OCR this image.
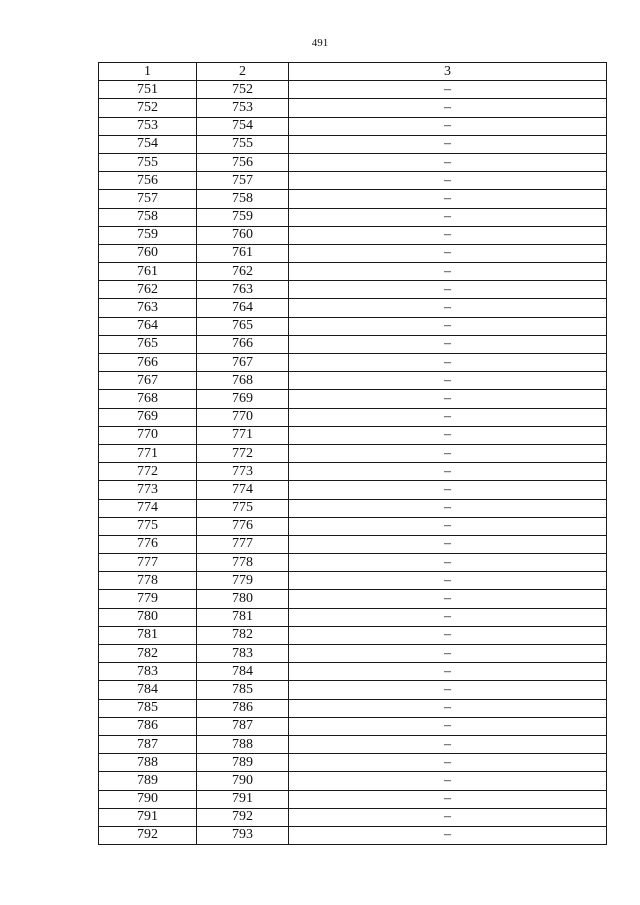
491
1	2	3
751	752	–
752	753	–
753	754	–
754	755	–
755	756	–
756	757	–
757	758	–
758	759	–
759	760	–
760	761	–
761	762	–
762	763	–
763	764	–
764	765	–
765	766	–
766	767	–
767	768	–
768	769	–
769	770	–
770	771	–
771	772	–
772	773	–
773	774	–
774	775	–
775	776	–
776	777	–
777	778	–
778	779	–
779	780	–
780	781	–
781	782	–
782	783	–
783	784	–
784	785	–
785	786	–
786	787	–
787	788	–
788	789	–
789	790	–
790	791	–
791	792	–
792	793	–
